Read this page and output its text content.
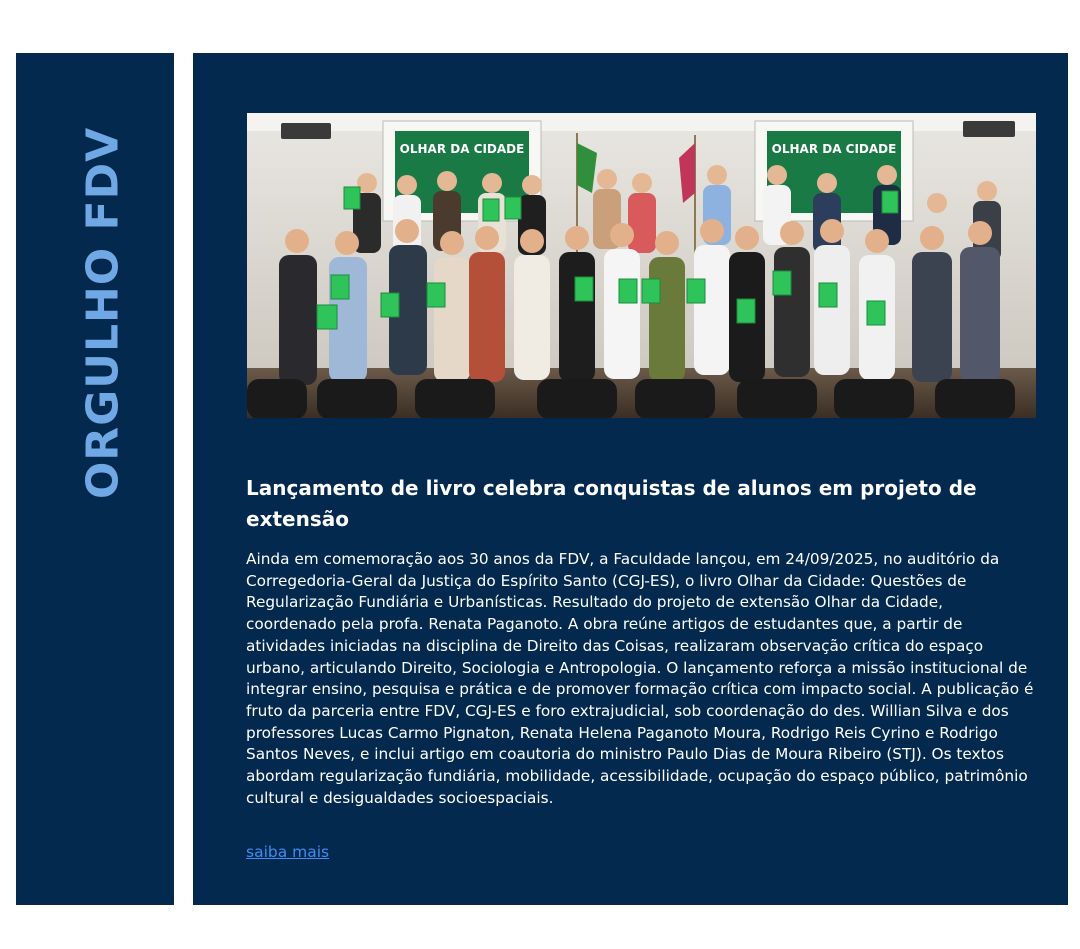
ORGULHO FDV	OLHAR DA CIDADE	OLHAR DA CIDADE
Lançamento de livro celebra conquistas de alunos em projeto de extensão

Ainda em comemoração aos 30 anos da FDV, a Faculdade lançou, em 24/09/2025, no auditório da Corregedoria-Geral da Justiça do Espírito Santo (CGJ-ES), o livro Olhar da Cidade: Questões de Regularização Fundiária e Urbanísticas. Resultado do projeto de extensão Olhar da Cidade, coordenado pela profa. Renata Paganoto. A obra reúne artigos de estudantes que, a partir de atividades iniciadas na disciplina de Direito das Coisas, realizaram observação crítica do espaço urbano, articulando Direito, Sociologia e Antropologia. O lançamento reforça a missão institucional de integrar ensino, pesquisa e prática e de promover formação crítica com impacto social. A publicação é fruto da parceria entre FDV, CGJ-ES e foro extrajudicial, sob coordenação do des. Willian Silva e dos professores Lucas Carmo Pignaton, Renata Helena Paganoto Moura, Rodrigo Reis Cyrino e Rodrigo Santos Neves, e inclui artigo em coautoria do ministro Paulo Dias de Moura Ribeiro (STJ). Os textos abordam regularização fundiária, mobilidade, acessibilidade, ocupação do espaço público, patrimônio cultural e desigualdades socioespaciais.

saiba mais
